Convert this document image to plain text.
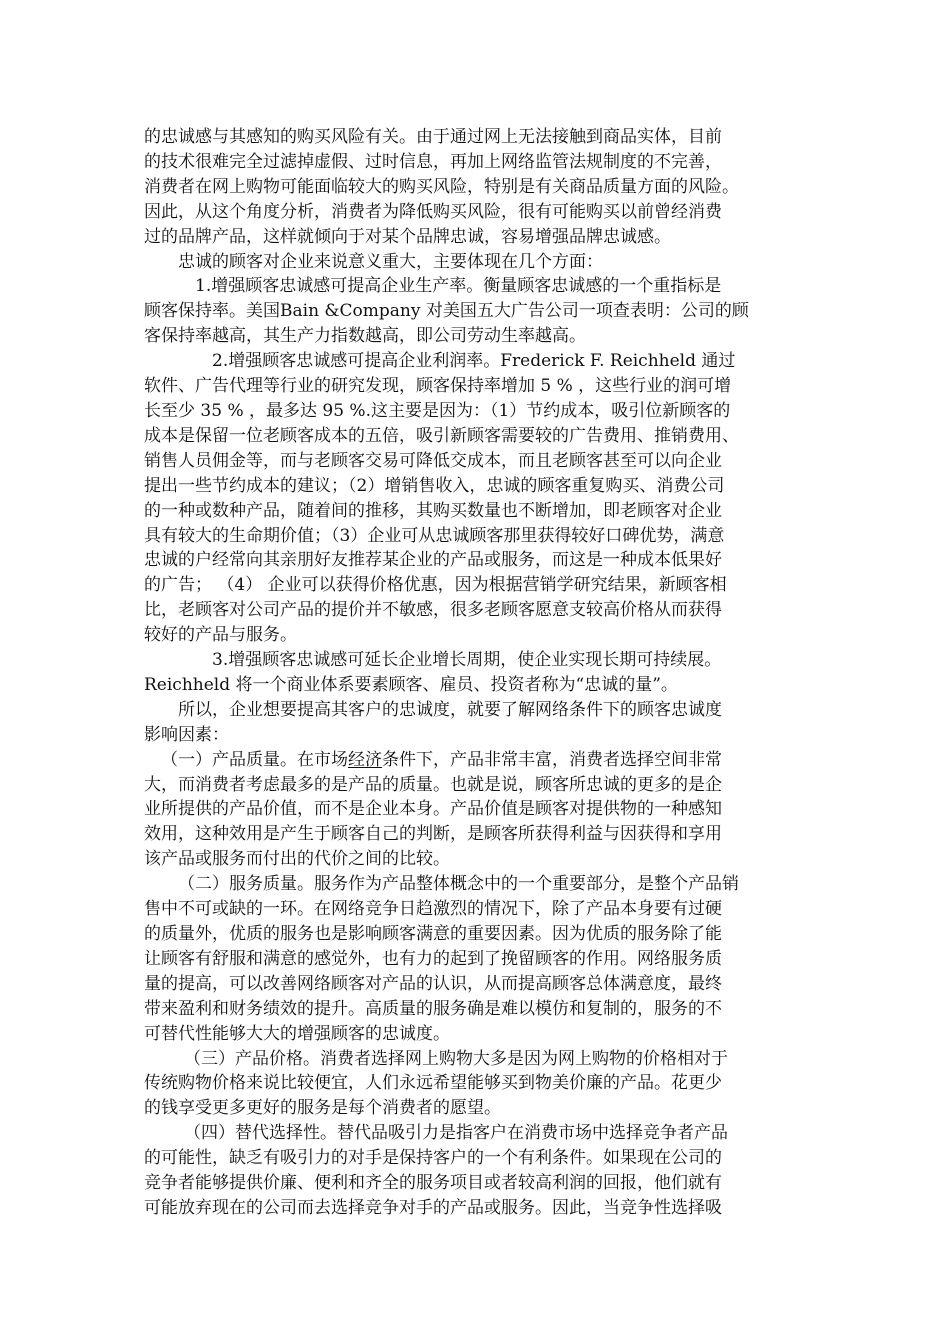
的忠诚感与其感知的购买风险有关。由于通过网上无法接触到商品实体，目前
的技术很难完全过滤掉虚假、过时信息，再加上网络监管法规制度的不完善，
消费者在网上购物可能面临较大的购买风险，特别是有关商品质量方面的风险。
因此，从这个角度分析，消费者为降低购买风险，很有可能购买以前曾经消费
过的品牌产品，这样就倾向于对某个品牌忠诚，容易增强品牌忠诚感。
忠诚的顾客对企业来说意义重大，主要体现在几个方面：
1.增强顾客忠诚感可提高企业生产率。衡量顾客忠诚感的一个重指标是
顾客保持率。美国Bain &Company 对美国五大广告公司一项查表明：公司的顾
客保持率越高，其生产力指数越高，即公司劳动生率越高。
2.增强顾客忠诚感可提高企业利润率。Frederick F. Reichheld 通过
软件、广告代理等行业的研究发现，顾客保持率增加 5 % ，这些行业的润可增
长至少 35 % ，最多达 95 %.这主要是因为：（1）节约成本，吸引位新顾客的
成本是保留一位老顾客成本的五倍，吸引新顾客需要较的广告费用、推销费用、
销售人员佣金等，而与老顾客交易可降低交成本，而且老顾客甚至可以向企业
提出一些节约成本的建议；（2）增销售收入，忠诚的顾客重复购买、消费公司
的一种或数种产品，随着间的推移，其购买数量也不断增加，即老顾客对企业
具有较大的生命期价值；（3）企业可从忠诚顾客那里获得较好口碑优势，满意
忠诚的户经常向其亲朋好友推荐某企业的产品或服务，而这是一种成本低果好
的广告； （4） 企业可以获得价格优惠，因为根据营销学研究结果，新顾客相
比，老顾客对公司产品的提价并不敏感，很多老顾客愿意支较高价格从而获得
较好的产品与服务。
3.增强顾客忠诚感可延长企业增长周期，使企业实现长期可持续展。
Reichheld 将一个商业体系要素顾客、雇员、投资者称为“忠诚的量”。
所以，企业想要提高其客户的忠诚度，就要了解网络条件下的顾客忠诚度
影响因素：
（一）产品质量。在市场经济条件下，产品非常丰富，消费者选择空间非常
大，而消费者考虑最多的是产品的质量。也就是说，顾客所忠诚的更多的是企
业所提供的产品价值，而不是企业本身。产品价值是顾客对提供物的一种感知
效用，这种效用是产生于顾客自己的判断，是顾客所获得利益与因获得和享用
该产品或服务而付出的代价之间的比较。
（二）服务质量。服务作为产品整体概念中的一个重要部分，是整个产品销
售中不可或缺的一环。在网络竞争日趋激烈的情况下，除了产品本身要有过硬
的质量外，优质的服务也是影响顾客满意的重要因素。因为优质的服务除了能
让顾客有舒服和满意的感觉外，也有力的起到了挽留顾客的作用。网络服务质
量的提高，可以改善网络顾客对产品的认识，从而提高顾客总体满意度，最终
带来盈利和财务绩效的提升。高质量的服务确是难以模仿和复制的，服务的不
可替代性能够大大的增强顾客的忠诚度。
（三）产品价格。消费者选择网上购物大多是因为网上购物的价格相对于
传统购物价格来说比较便宜，人们永远希望能够买到物美价廉的产品。花更少
的钱享受更多更好的服务是每个消费者的愿望。
（四）替代选择性。替代品吸引力是指客户在消费市场中选择竞争者产品
的可能性，缺乏有吸引力的对手是保持客户的一个有利条件。如果现在公司的
竞争者能够提供价廉、便利和齐全的服务项目或者较高利润的回报，他们就有
可能放弃现在的公司而去选择竞争对手的产品或服务。因此，当竞争性选择吸
